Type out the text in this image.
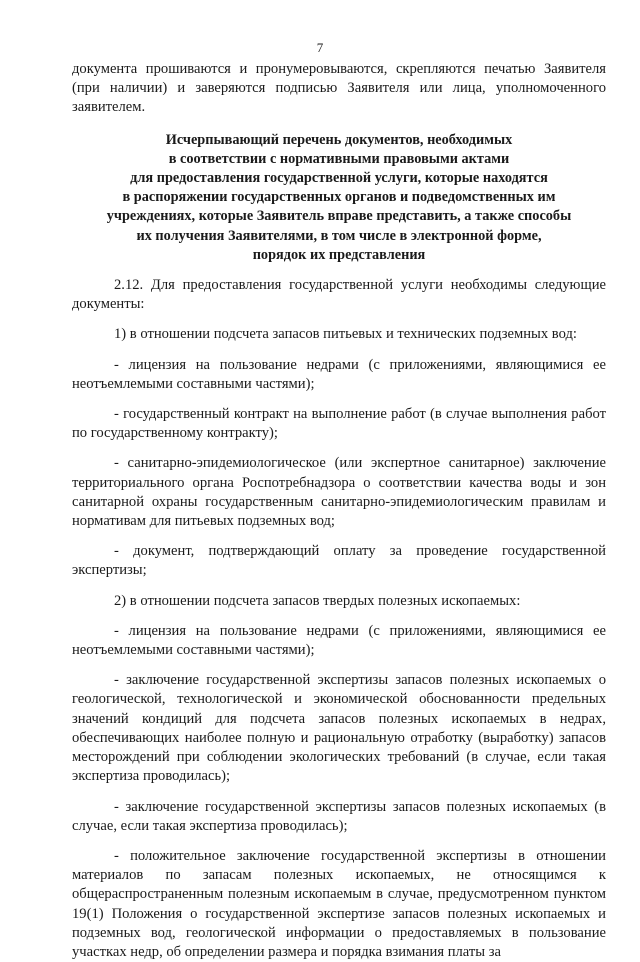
7

документа прошиваются и пронумеровываются, скрепляются печатью Заявителя (при наличии) и заверяются подписью Заявителя или лица, уполномоченного заявителем.

Исчерпывающий перечень документов, необходимых
в соответствии с нормативными правовыми актами
для предоставления государственной услуги, которые находятся
в распоряжении государственных органов и подведомственных им
учреждениях, которые Заявитель вправе представить, а также способы
их получения Заявителями, в том числе в электронной форме,
порядок их представления

2.12. Для предоставления государственной услуги необходимы следующие документы:

1) в отношении подсчета запасов питьевых и технических подземных вод:

- лицензия на пользование недрами (с приложениями, являющимися ее неотъемлемыми составными частями);

- государственный контракт на выполнение работ (в случае выполнения работ по государственному контракту);

- санитарно-эпидемиологическое (или экспертное санитарное) заключение территориального органа Роспотребнадзора о соответствии качества воды и зон санитарной охраны государственным санитарно-эпидемиологическим правилам и нормативам для питьевых подземных вод;

- документ, подтверждающий оплату за проведение государственной экспертизы;

2) в отношении подсчета запасов твердых полезных ископаемых:

- лицензия на пользование недрами (с приложениями, являющимися ее неотъемлемыми составными частями);

- заключение государственной экспертизы запасов полезных ископаемых о геологической, технологической и экономической обоснованности предельных значений кондиций для подсчета запасов полезных ископаемых в недрах, обеспечивающих наиболее полную и рациональную отработку (выработку) запасов месторождений при соблюдении экологических требований (в случае, если такая экспертиза проводилась);

- заключение государственной экспертизы запасов полезных ископаемых (в случае, если такая экспертиза проводилась);

- положительное заключение государственной экспертизы в отношении материалов по запасам полезных ископаемых, не относящимся к общераспространенным полезным ископаемым в случае, предусмотренном пунктом 19(1) Положения о государственной экспертизе запасов полезных ископаемых и подземных вод, геологической информации о предоставляемых в пользование участках недр, об определении размера и порядка взимания платы за
